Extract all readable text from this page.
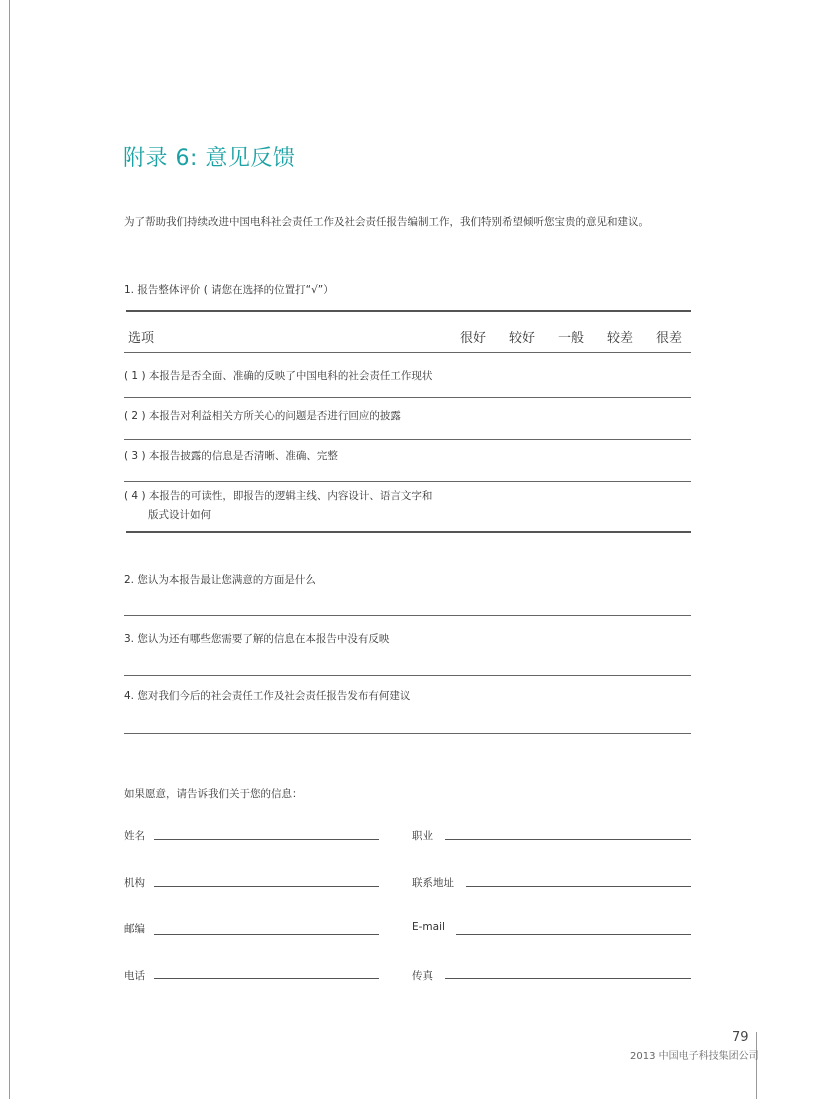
附录 6: 意见反馈
为了帮助我们持续改进中国电科社会责任工作及社会责任报告编制工作，我们特别希望倾听您宝贵的意见和建议。
1. 报告整体评价 ( 请您在选择的位置打“√”）
选项	很好 较好 一般 较差 很差
( 1 ) 本报告是否全面、准确的反映了中国电科的社会责任工作现状
( 2 ) 本报告对利益相关方所关心的问题是否进行回应的披露
( 3 ) 本报告披露的信息是否清晰、准确、完整
( 4 ) 本报告的可读性，即报告的逻辑主线、内容设计、语言文字和
版式设计如何
2. 您认为本报告最让您满意的方面是什么
3. 您认为还有哪些您需要了解的信息在本报告中没有反映
4. 您对我们今后的社会责任工作及社会责任报告发布有何建议
如果愿意，请告诉我们关于您的信息：
姓名	职业
机构	联系地址
邮编	E-mail
电话	传真
79
2013 中国电子科技集团公司
